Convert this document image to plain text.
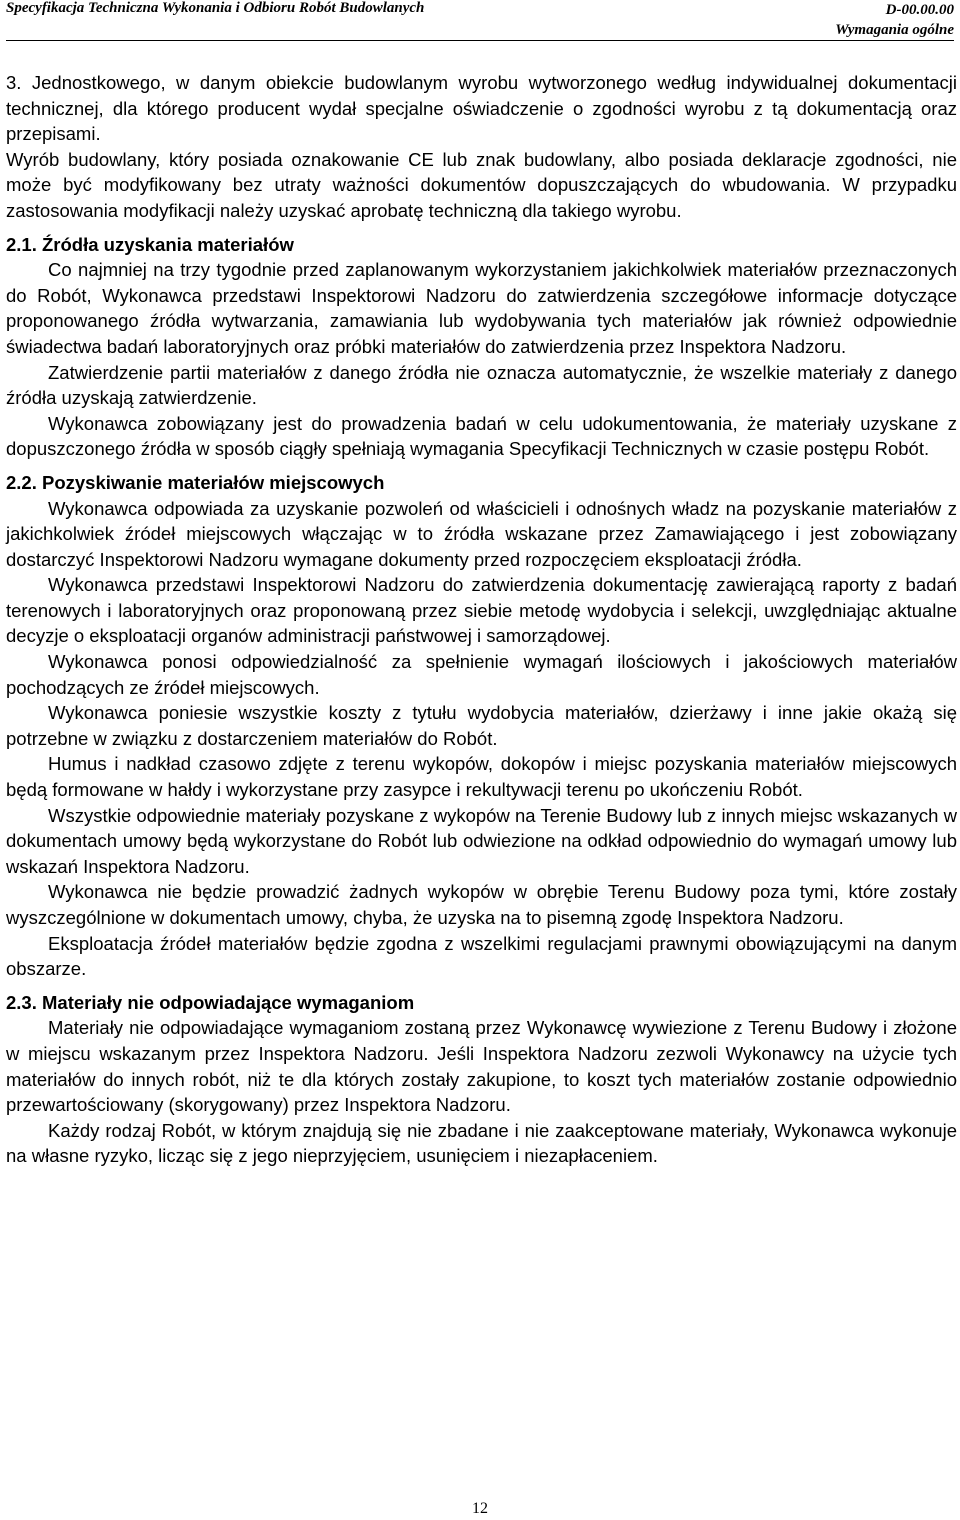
Specyfikacja Techniczna Wykonania i Odbioru Robót Budowlanych	D-00.00.00
Wymagania ogólne

3. Jednostkowego, w danym obiekcie budowlanym wyrobu wytworzonego według indywidualnej dokumentacji technicznej, dla którego producent wydał specjalne oświadczenie o zgodności wyrobu z tą dokumentacją oraz przepisami.

Wyrób budowlany, który posiada oznakowanie CE lub znak budowlany, albo posiada deklaracje zgodności, nie może być modyfikowany bez utraty ważności dokumentów dopuszczających do wbudowania. W przypadku zastosowania modyfikacji należy uzyskać aprobatę techniczną dla takiego wyrobu.

2.1. Źródła uzyskania materiałów

Co najmniej na trzy tygodnie przed zaplanowanym wykorzystaniem jakichkolwiek materiałów przeznaczonych do Robót, Wykonawca przedstawi Inspektorowi Nadzoru do zatwierdzenia szczegółowe informacje dotyczące proponowanego źródła wytwarzania, zamawiania lub wydobywania tych materiałów jak również odpowiednie świadectwa badań laboratoryjnych oraz próbki materiałów do zatwierdzenia przez Inspektora Nadzoru.

Zatwierdzenie partii materiałów z danego źródła nie oznacza automatycznie, że wszelkie materiały z danego źródła uzyskają zatwierdzenie.

Wykonawca zobowiązany jest do prowadzenia badań w celu udokumentowania, że materiały uzyskane z dopuszczonego źródła w sposób ciągły spełniają wymagania Specyfikacji Technicznych w czasie postępu Robót.

2.2. Pozyskiwanie materiałów miejscowych

Wykonawca odpowiada za uzyskanie pozwoleń od właścicieli i odnośnych władz na pozyskanie materiałów z jakichkolwiek źródeł miejscowych włączając w to źródła wskazane przez Zamawiającego i jest zobowiązany dostarczyć Inspektorowi Nadzoru wymagane dokumenty przed rozpoczęciem eksploatacji źródła.

Wykonawca przedstawi Inspektorowi Nadzoru do zatwierdzenia dokumentację zawierającą raporty z badań terenowych i laboratoryjnych oraz proponowaną przez siebie metodę wydobycia i selekcji, uwzględniając aktualne decyzje o eksploatacji organów administracji państwowej i samorządowej.

Wykonawca ponosi odpowiedzialność za spełnienie wymagań ilościowych i jakościowych materiałów pochodzących ze źródeł miejscowych.

Wykonawca poniesie wszystkie koszty z tytułu wydobycia materiałów, dzierżawy i inne jakie okażą się potrzebne w związku z dostarczeniem materiałów do Robót.

Humus i nadkład czasowo zdjęte z terenu wykopów, dokopów i miejsc pozyskania materiałów miejscowych będą formowane w hałdy i wykorzystane przy zasypce i rekultywacji terenu po ukończeniu Robót.

Wszystkie odpowiednie materiały pozyskane z wykopów na Terenie Budowy lub z innych miejsc wskazanych w dokumentach umowy będą wykorzystane do Robót lub odwiezione na odkład odpowiednio do wymagań umowy lub wskazań Inspektora Nadzoru.

Wykonawca nie będzie prowadzić żadnych wykopów w obrębie Terenu Budowy poza tymi, które zostały wyszczególnione w dokumentach umowy, chyba, że uzyska na to pisemną zgodę Inspektora Nadzoru.

Eksploatacja źródeł materiałów będzie zgodna z wszelkimi regulacjami prawnymi obowiązującymi na danym obszarze.

2.3. Materiały nie odpowiadające wymaganiom

Materiały nie odpowiadające wymaganiom zostaną przez Wykonawcę wywiezione z Terenu Budowy i złożone w miejscu wskazanym przez Inspektora Nadzoru. Jeśli Inspektora Nadzoru zezwoli Wykonawcy na użycie tych materiałów do innych robót, niż te dla których zostały zakupione, to koszt tych materiałów zostanie odpowiednio przewartościowany (skorygowany) przez Inspektora Nadzoru.

Każdy rodzaj Robót, w którym znajdują się nie zbadane i nie zaakceptowane materiały, Wykonawca wykonuje na własne ryzyko, licząc się z jego nieprzyjęciem, usunięciem i niezapłaceniem.

12
